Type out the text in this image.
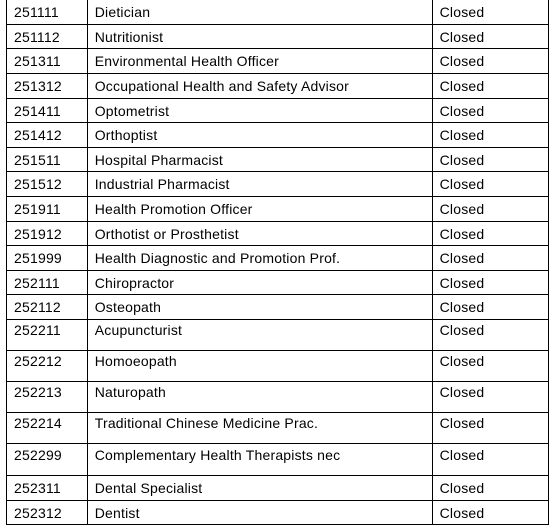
251111	Dietician	Closed
251112	Nutritionist	Closed
251311	Environmental Health Officer	Closed
251312	Occupational Health and Safety Advisor	Closed
251411	Optometrist	Closed
251412	Orthoptist	Closed
251511	Hospital Pharmacist	Closed
251512	Industrial Pharmacist	Closed
251911	Health Promotion Officer	Closed
251912	Orthotist or Prosthetist	Closed
251999	Health Diagnostic and Promotion Prof.	Closed
252111	Chiropractor	Closed
252112	Osteopath	Closed
252211	Acupuncturist	Closed
252212	Homoeopath	Closed
252213	Naturopath	Closed
252214	Traditional Chinese Medicine Prac.	Closed
252299	Complementary Health Therapists nec	Closed
252311	Dental Specialist	Closed
252312	Dentist	Closed
